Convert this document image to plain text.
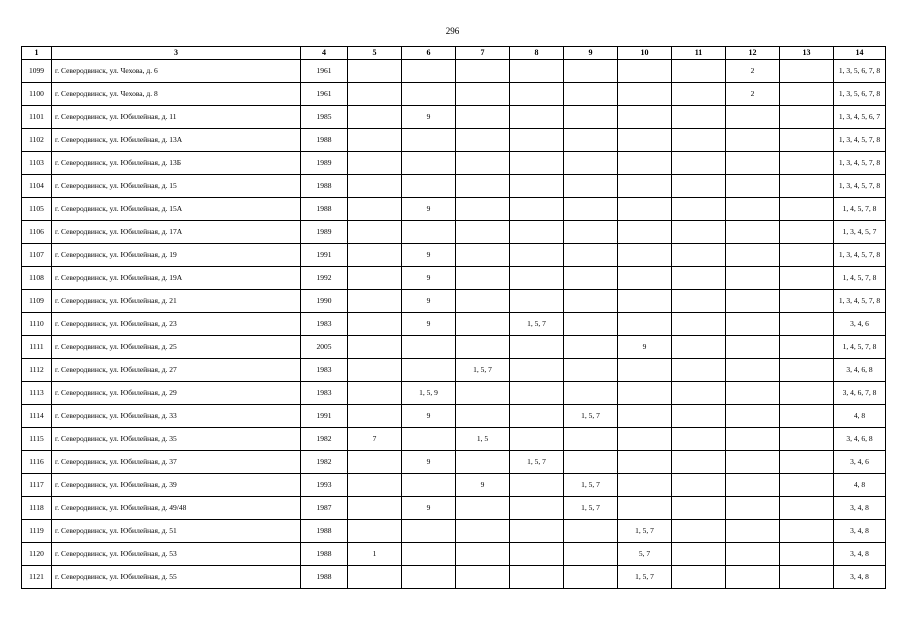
296
1	3	4	5	6	7	8	9	10	11	12	13	14
1099	г. Северодвинск, ул. Чехова, д. 6	1961								2		1, 3, 5, 6, 7, 8
1100	г. Северодвинск, ул. Чехова, д. 8	1961								2		1, 3, 5, 6, 7, 8
1101	г. Северодвинск, ул. Юбилейная, д. 11	1985		9								1, 3, 4, 5, 6, 7
1102	г. Северодвинск, ул. Юбилейная, д. 13А	1988										1, 3, 4, 5, 7, 8
1103	г. Северодвинск, ул. Юбилейная, д. 13Б	1989										1, 3, 4, 5, 7, 8
1104	г. Северодвинск, ул. Юбилейная, д. 15	1988										1, 3, 4, 5, 7, 8
1105	г. Северодвинск, ул. Юбилейная, д. 15А	1988		9								1, 4, 5, 7, 8
1106	г. Северодвинск, ул. Юбилейная, д. 17А	1989										1, 3, 4, 5, 7
1107	г. Северодвинск, ул. Юбилейная, д. 19	1991		9								1, 3, 4, 5, 7, 8
1108	г. Северодвинск, ул. Юбилейная, д. 19А	1992		9								1, 4, 5, 7, 8
1109	г. Северодвинск, ул. Юбилейная, д. 21	1990		9								1, 3, 4, 5, 7, 8
1110	г. Северодвинск, ул. Юбилейная, д. 23	1983		9		1, 5, 7						3, 4, 6
1111	г. Северодвинск, ул. Юбилейная, д. 25	2005						9				1, 4, 5, 7, 8
1112	г. Северодвинск, ул. Юбилейная, д. 27	1983			1, 5, 7							3, 4, 6, 8
1113	г. Северодвинск, ул. Юбилейная, д. 29	1983		1, 5, 9								3, 4, 6, 7, 8
1114	г. Северодвинск, ул. Юбилейная, д. 33	1991		9			1, 5, 7					4, 8
1115	г. Северодвинск, ул. Юбилейная, д. 35	1982	7		1, 5							3, 4, 6, 8
1116	г. Северодвинск, ул. Юбилейная, д. 37	1982		9		1, 5, 7						3, 4, 6
1117	г. Северодвинск, ул. Юбилейная, д. 39	1993			9		1, 5, 7					4, 8
1118	г. Северодвинск, ул. Юбилейная, д. 49/48	1987		9			1, 5, 7					3, 4, 8
1119	г. Северодвинск, ул. Юбилейная, д. 51	1988						1, 5, 7				3, 4, 8
1120	г. Северодвинск, ул. Юбилейная, д. 53	1988	1					5, 7				3, 4, 8
1121	г. Северодвинск, ул. Юбилейная, д. 55	1988						1, 5, 7				3, 4, 8
